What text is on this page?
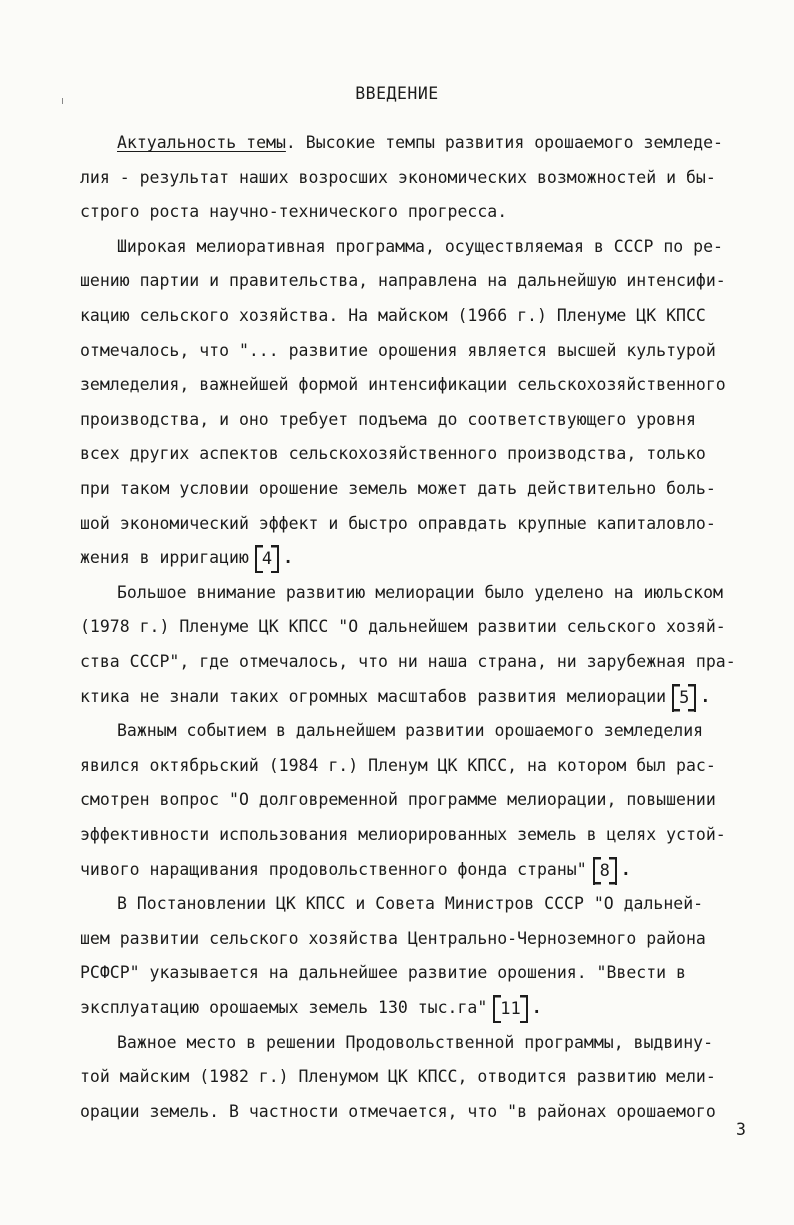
ВВЕДЕНИЕ
Актуальность темы. Высокие темпы развития орошаемого земледе-
лия - результат наших возросших экономических возможностей и бы-
строго роста научно-технического прогресса.
Широкая мелиоративная программа, осуществляемая в СССР по ре-
шению партии и правительства, направлена на дальнейшую интенсифи-
кацию сельского хозяйства. На майском (1966 г.) Пленуме ЦК КПСС
отмечалось, что "... развитие орошения является высшей культурой
земледелия, важнейшей формой интенсификации сельскохозяйственного
производства, и оно требует подъема до соответствующего уровня
всех других аспектов сельскохозяйственного производства, только
при таком условии орошение земель может дать действительно боль-
шой экономический эффект и быстро оправдать крупные капиталовло-
жения в ирригацию 4 .
Большое внимание развитию мелиорации было уделено на июльском
(1978 г.) Пленуме ЦК КПСС "О дальнейшем развитии сельского хозяй-
ства СССР", где отмечалось, что ни наша страна, ни зарубежная пра-
ктика не знали таких огромных масштабов развития мелиорации 5 .
Важным событием в дальнейшем развитии орошаемого земледелия
явился октябрьский (1984 г.) Пленум ЦК КПСС, на котором был рас-
смотрен вопрос "О долговременной программе мелиорации, повышении
эффективности использования мелиорированных земель в целях устой-
чивого наращивания продовольственного фонда страны" 8 .
В Постановлении ЦК КПСС и Совета Министров СССР "О дальней-
шем развитии сельского хозяйства Центрально-Черноземного района
РСФСР" указывается на дальнейшее развитие орошения. "Ввести в
эксплуатацию орошаемых земель 130 тыс.га" 11 .
Важное место в решении Продовольственной программы, выдвину-
той майским (1982 г.) Пленумом ЦК КПСС, отводится развитию мели-
орации земель. В частности отмечается, что "в районах орошаемого
3
